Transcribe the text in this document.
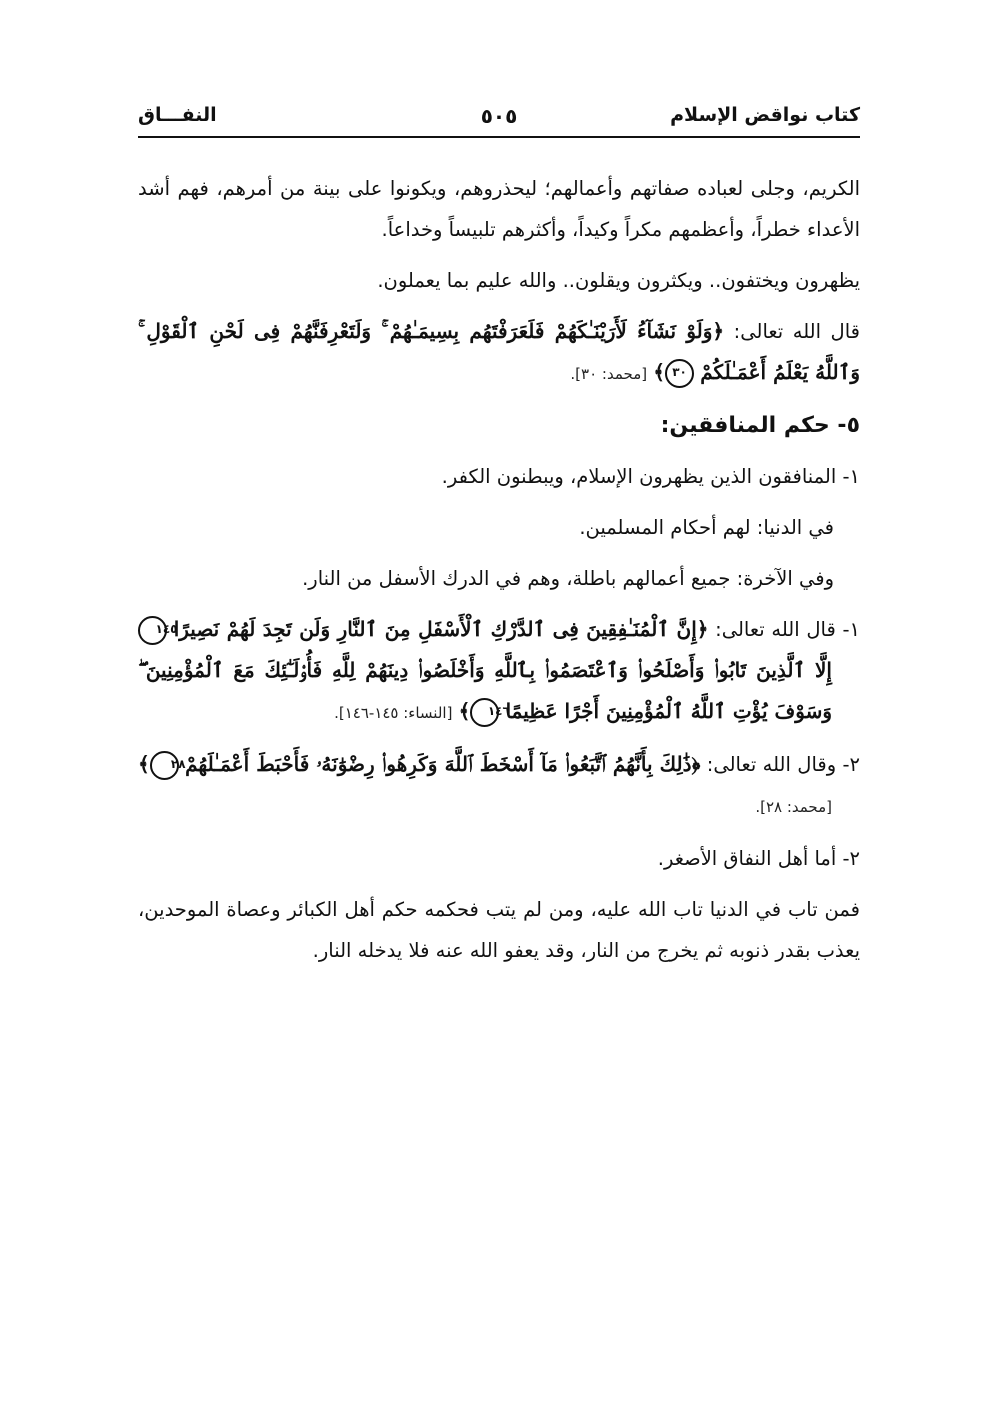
كتاب نواقض الإسلام
٥٠٥
النفـــاق

الكريم، وجلى لعباده صفاتهم وأعمالهم؛ ليحذروهم، ويكونوا على بينة من أمرهم، فهم أشد الأعداء خطراً، وأعظمهم مكراً وكيداً، وأكثرهم تلبيساً وخداعاً.

يظهرون ويختفون.. ويكثرون ويقلون.. والله عليم بما يعملون.

قال الله تعالى: ﴿وَلَوْ نَشَآءُ لَأَرَيْنَـٰكَهُمْ فَلَعَرَفْتَهُم بِسِيمَـٰهُمْ ۚ وَلَتَعْرِفَنَّهُمْ فِى لَحْنِ ٱلْقَوْلِ ۚ وَٱللَّهُ يَعْلَمُ أَعْمَـٰلَكُمْ ٣٠﴾ [محمد: ٣٠].

٥- حكم المنافقين:

١- المنافقون الذين يظهرون الإسلام، ويبطنون الكفر.

في الدنيا: لهم أحكام المسلمين.

وفي الآخرة: جميع أعمالهم باطلة، وهم في الدرك الأسفل من النار.

١- قال الله تعالى: ﴿إِنَّ ٱلْمُنَـٰفِقِينَ فِى ٱلدَّرْكِ ٱلْأَسْفَلِ مِنَ ٱلنَّارِ وَلَن تَجِدَ لَهُمْ نَصِيرًا ١٤٥ إِلَّا ٱلَّذِينَ تَابُوا۟ وَأَصْلَحُوا۟ وَٱعْتَصَمُوا۟ بِٱللَّهِ وَأَخْلَصُوا۟ دِينَهُمْ لِلَّهِ فَأُو۟لَـٰٓئِكَ مَعَ ٱلْمُؤْمِنِينَ ۖ وَسَوْفَ يُؤْتِ ٱللَّهُ ٱلْمُؤْمِنِينَ أَجْرًا عَظِيمًا ١٤٦﴾ [النساء: ١٤٥-١٤٦].

٢- وقال الله تعالى: ﴿ذَٰلِكَ بِأَنَّهُمُ ٱتَّبَعُوا۟ مَآ أَسْخَطَ ٱللَّهَ وَكَرِهُوا۟ رِضْوَٰنَهُۥ فَأَحْبَطَ أَعْمَـٰلَهُمْ ٢٨﴾ [محمد: ٢٨].

٢- أما أهل النفاق الأصغر.

فمن تاب في الدنيا تاب الله عليه، ومن لم يتب فحكمه حكم أهل الكبائر وعصاة الموحدين، يعذب بقدر ذنوبه ثم يخرج من النار، وقد يعفو الله عنه فلا يدخله النار.
